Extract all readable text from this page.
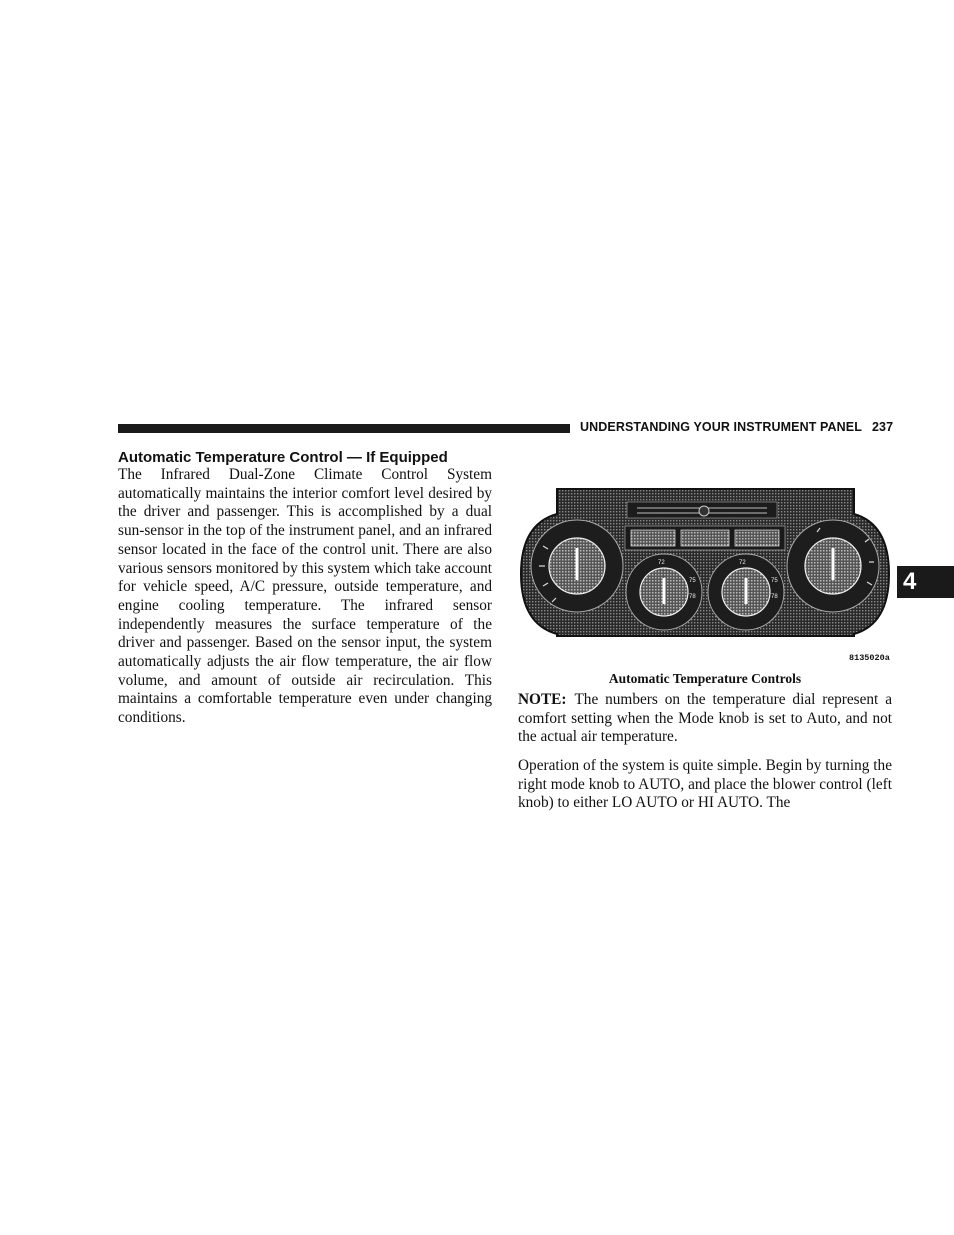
UNDERSTANDING YOUR INSTRUMENT PANEL 237
4
Automatic Temperature Control — If Equipped

The Infrared Dual-Zone Climate Control System automatically maintains the interior comfort level desired by the driver and passenger. This is accomplished by a dual sun-sensor in the top of the instrument panel, and an infrared sensor located in the face of the control unit. There are also various sensors monitored by this system which take account for vehicle speed, A/C pressure, outside temperature, and engine cooling temperature. The infrared sensor independently measures the surface temperature of the driver and passenger. Based on the sensor input, the system automatically adjusts the air flow temperature, the air flow volume, and amount of outside air recirculation. This maintains a comfortable temperature even under changing conditions.

72
75
78
72
75
78
8135020a
Automatic Temperature Controls

NOTE: The numbers on the temperature dial represent a comfort setting when the Mode knob is set to Auto, and not the actual air temperature.

Operation of the system is quite simple. Begin by turning the right mode knob to AUTO, and place the blower control (left knob) to either LO AUTO or HI AUTO. The
